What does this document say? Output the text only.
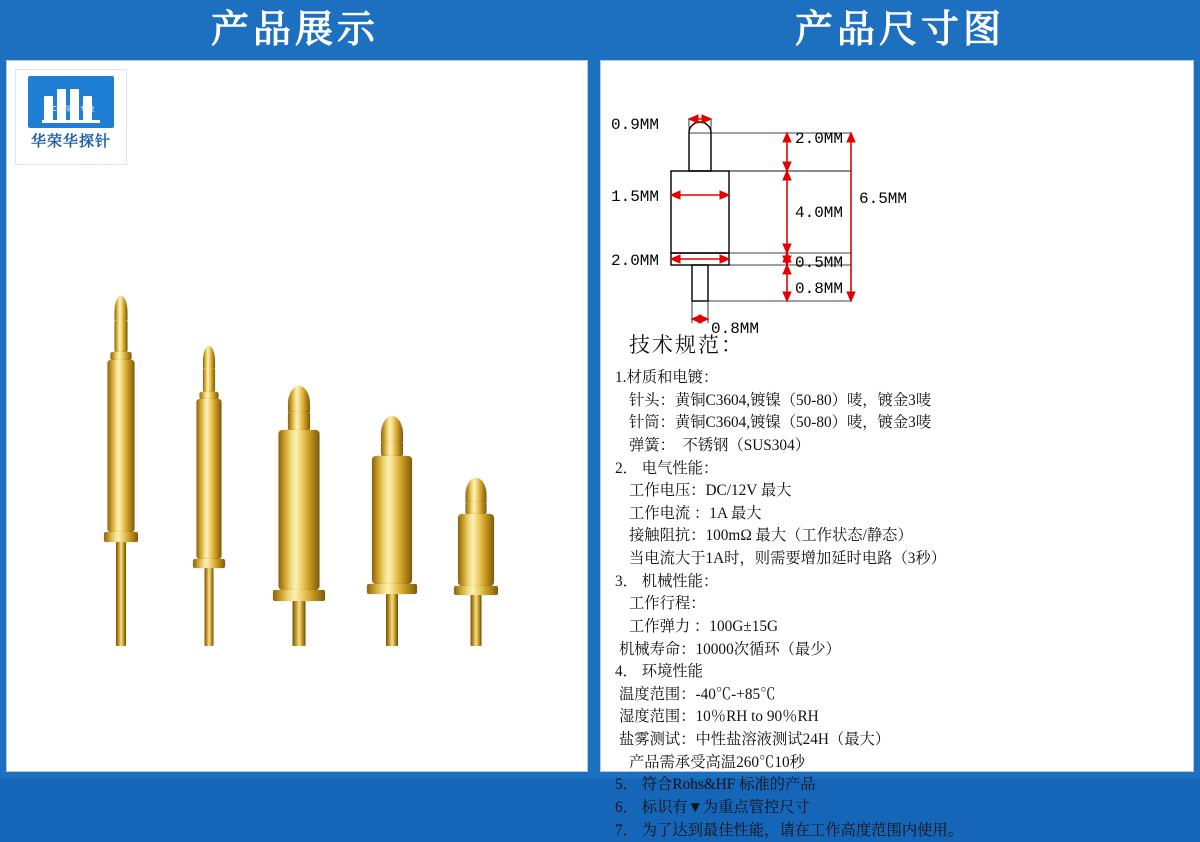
产品展示	产品尺寸图
PCB探针专业
华荣华探针	2.0MM
4.0MM
0.5MM
0.8MM
6.5MM
0.9MM
1.5MM
2.0MM
0.8MM
技术规范：
1.材质和电镀：
针头：黄铜C3604,镀镍（50-80）唛，镀金3唛
针筒：黄铜C3604,镀镍（50-80）唛，镀金3唛
弹簧：  不锈钢（SUS304）
2． 电气性能：
工作电压：DC/12V 最大
工作电流 ：1A 最大
接触阻抗：100mΩ 最大（工作状态/静态）
当电流大于1A时，则需要增加延时电路（3秒）
3． 机械性能：
工作行程：
工作弹力 ：100G±15G
机械寿命：10000次循环（最少）
4． 环境性能
温度范围：-40℃-+85℃
湿度范围：10％RH to 90％RH
盐雾测试：中性盐溶液测试24H（最大）
产品需承受高温260℃10秒
5． 符合Rohs&HF 标准的产品
6． 标识有▼为重点管控尺寸
7． 为了达到最佳性能，请在工作高度范围内使用。
